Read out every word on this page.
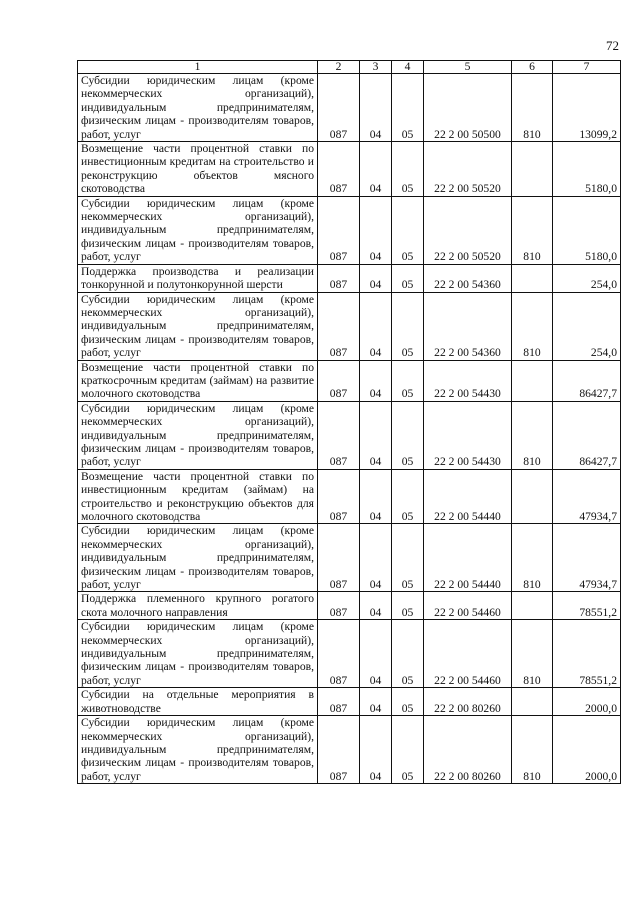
72
1	2	3	4	5	6	7
Субсидии юридическим лицам (кроме некоммерческих организаций), индивидуальным предпринимателям, физическим лицам - производителям товаров, работ, услуг	087	04	05	22 2 00 50500	810	13099,2
Возмещение части процентной ставки по инвестиционным кредитам на строительство и реконструкцию объектов мясного скотоводства	087	04	05	22 2 00 50520		5180,0
Субсидии юридическим лицам (кроме некоммерческих организаций), индивидуальным предпринимателям, физическим лицам - производителям товаров, работ, услуг	087	04	05	22 2 00 50520	810	5180,0
Поддержка производства и реализации тонкорунной и полутонкорунной шерсти	087	04	05	22 2 00 54360		254,0
Субсидии юридическим лицам (кроме некоммерческих организаций), индивидуальным предпринимателям, физическим лицам - производителям товаров, работ, услуг	087	04	05	22 2 00 54360	810	254,0
Возмещение части процентной ставки по краткосрочным кредитам (займам) на развитие молочного скотоводства	087	04	05	22 2 00 54430		86427,7
Субсидии юридическим лицам (кроме некоммерческих организаций), индивидуальным предпринимателям, физическим лицам - производителям товаров, работ, услуг	087	04	05	22 2 00 54430	810	86427,7
Возмещение части процентной ставки по инвестиционным кредитам (займам) на строительство и реконструкцию объектов для молочного скотоводства	087	04	05	22 2 00 54440		47934,7
Субсидии юридическим лицам (кроме некоммерческих организаций), индивидуальным предпринимателям, физическим лицам - производителям товаров, работ, услуг	087	04	05	22 2 00 54440	810	47934,7
Поддержка племенного крупного рогатого скота молочного направления	087	04	05	22 2 00 54460		78551,2
Субсидии юридическим лицам (кроме некоммерческих организаций), индивидуальным предпринимателям, физическим лицам - производителям товаров, работ, услуг	087	04	05	22 2 00 54460	810	78551,2
Субсидии на отдельные мероприятия в животноводстве	087	04	05	22 2 00 80260		2000,0
Субсидии юридическим лицам (кроме некоммерческих организаций), индивидуальным предпринимателям, физическим лицам - производителям товаров, работ, услуг	087	04	05	22 2 00 80260	810	2000,0
